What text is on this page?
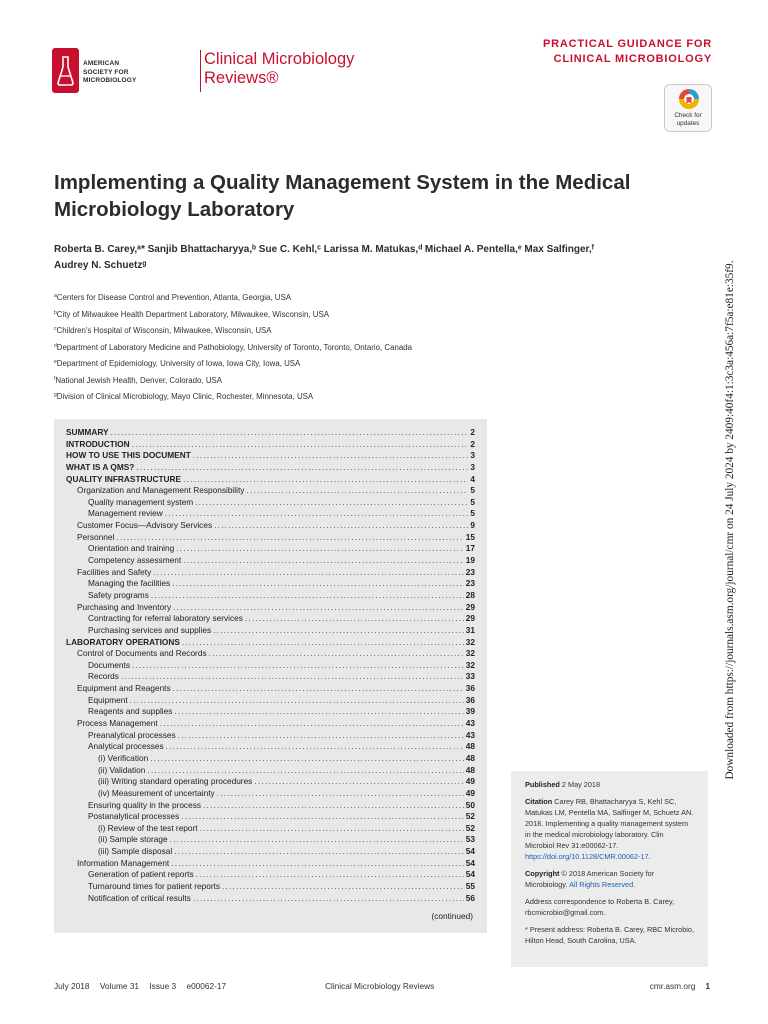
AMERICAN
SOCIETY FOR
MICROBIOLOGY
Clinical Microbiology
Reviews®
PRACTICAL GUIDANCE FOR
CLINICAL MICROBIOLOGY
Check for
updates
Implementing a Quality Management System in the Medical Microbiology Laboratory
Roberta B. Carey,ᵃ* Sanjib Bhattacharyya,ᵇ Sue C. Kehl,ᶜ Larissa M. Matukas,ᵈ Michael A. Pentella,ᵉ Max Salfinger,ᶠ
Audrey N. Schuetzᵍ
$^a$Centers for Disease Control and Prevention, Atlanta, Georgia, USA
$^b$City of Milwaukee Health Department Laboratory, Milwaukee, Wisconsin, USA
$^c$Children's Hospital of Wisconsin, Milwaukee, Wisconsin, USA
$^d$Department of Laboratory Medicine and Pathobiology, University of Toronto, Toronto, Ontario, Canada
$^e$Department of Epidemiology, University of Iowa, Iowa City, Iowa, USA
$^f$National Jewish Health, Denver, Colorado, USA
$^g$Division of Clinical Microbiology, Mayo Clinic, Rochester, Minnesota, USA
SUMMARY .....	2
INTRODUCTION .....	2
HOW TO USE THIS DOCUMENT .....	3
WHAT IS A QMS? .....	3
QUALITY INFRASTRUCTURE .....	4
Organization and Management Responsibility .....	5
Quality management system .....	5
Management review .....	5
Customer Focus—Advisory Services .....	9
Personnel .....	15
Orientation and training .....	17
Competency assessment .....	19
Facilities and Safety .....	23
Managing the facilities .....	23
Safety programs .....	28
Purchasing and Inventory .....	29
Contracting for referral laboratory services .....	29
Purchasing services and supplies .....	31
LABORATORY OPERATIONS .....	32
Control of Documents and Records .....	32
Documents .....	32
Records .....	33
Equipment and Reagents .....	36
Equipment .....	36
Reagents and supplies .....	39
Process Management .....	43
Preanalytical processes .....	43
Analytical processes .....	48
(i) Verification .....	48
(ii) Validation .....	48
(iii) Writing standard operating procedures .....	49
(iv) Measurement of uncertainty .....	49
Ensuring quality in the process .....	50
Postanalytical processes .....	52
(i) Review of the test report .....	52
(ii) Sample storage .....	53
(iii) Sample disposal .....	54
Information Management .....	54
Generation of patient reports .....	54
Turnaround times for patient reports .....	55
Notification of critical results .....	56
(continued)

Published 2 May 2018

Citation Carey RB, Bhattacharyya S, Kehl SC, Matukas LM, Pentella MA, Salfinger M, Schuetz AN. 2018. Implementing a quality management system in the medical microbiology laboratory. Clin Microbiol Rev 31:e00062-17. https://doi.org/10.1128/CMR.00062-17.

Copyright © 2018 American Society for Microbiology. All Rights Reserved.

Address correspondence to Roberta B. Carey, rbcmicrobio@gmail.com.

* Present address: Roberta B. Carey, RBC Microbio, Hilton Head, South Carolina, USA.

Downloaded from https://journals.asm.org/journal/cmr on 24 July 2024 by 2409:40f4:1:3c3a:456a:7f5a:e81e:35f9.
July 2018 Volume 31 Issue 3 e00062-17	Clinical Microbiology Reviews	cmr.asm.org 1
